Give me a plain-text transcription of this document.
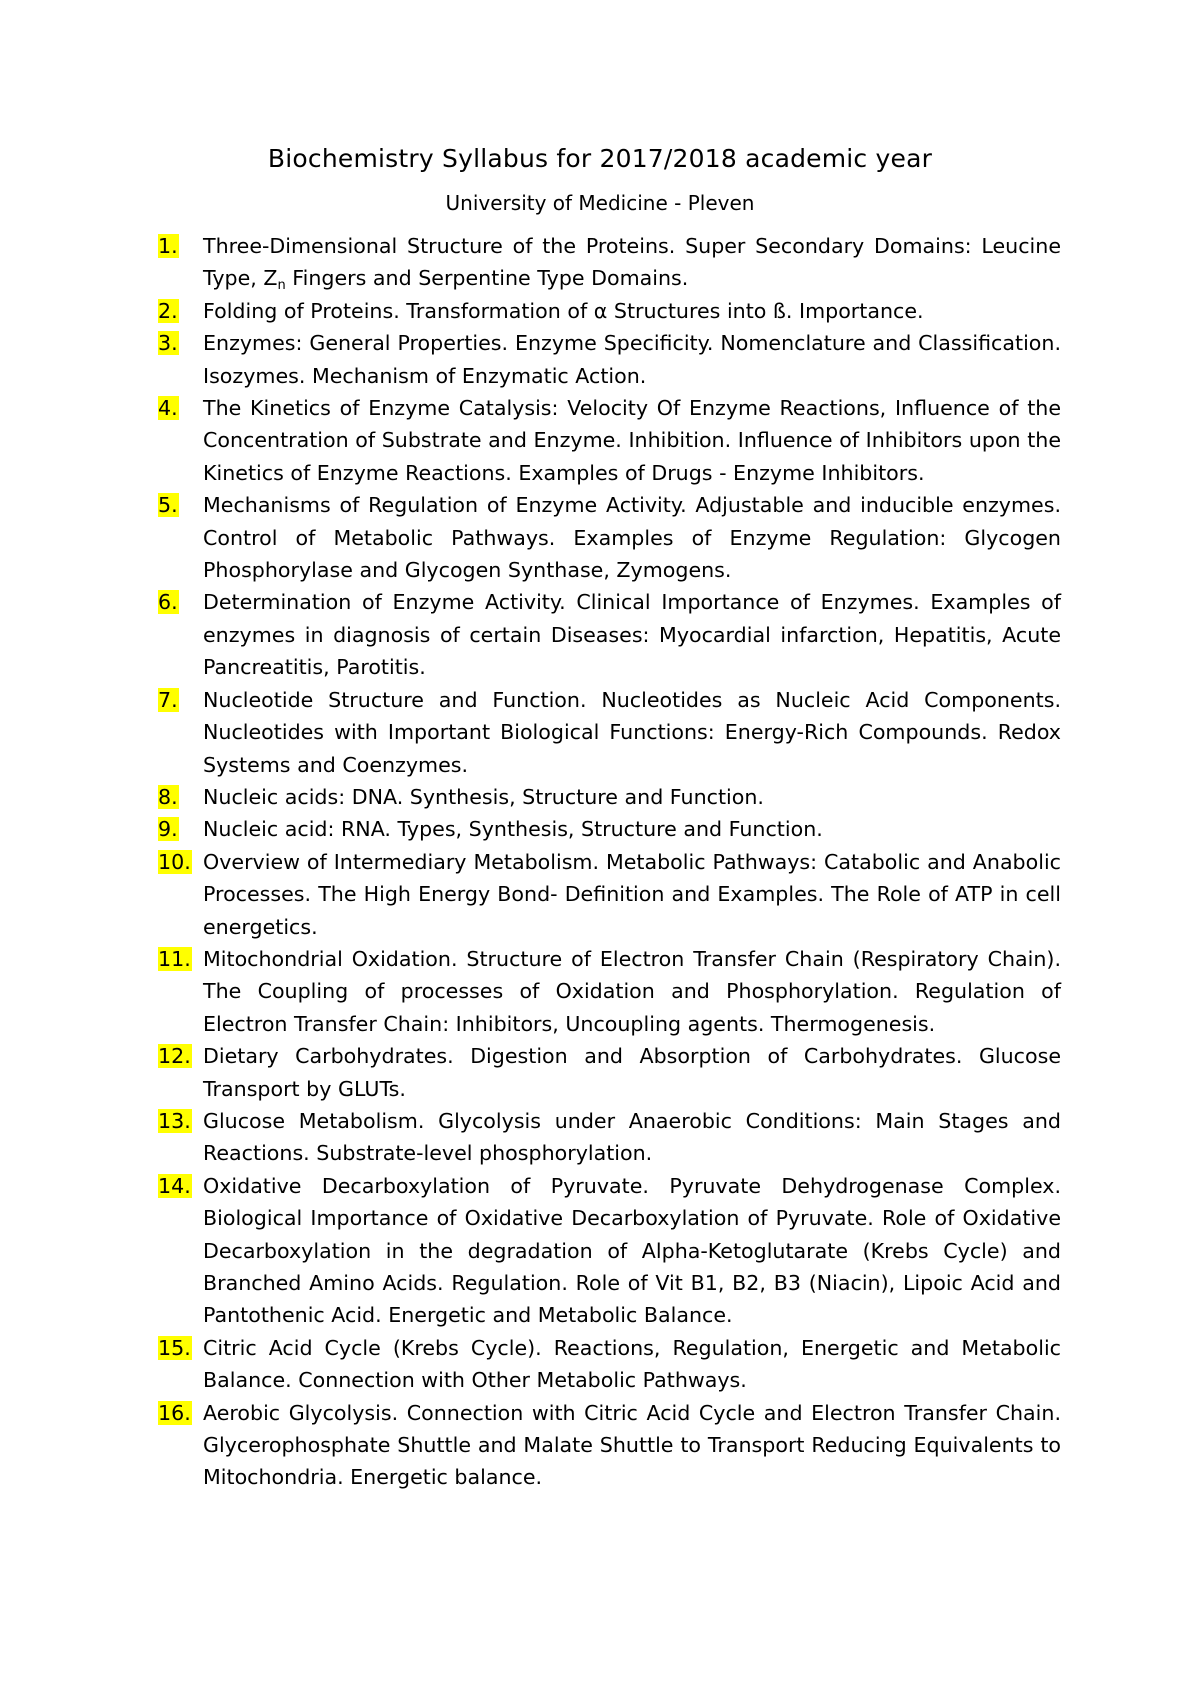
Biochemistry Syllabus for 2017/2018 academic year
University of Medicine - Pleven
1. Three-Dimensional Structure of the Proteins. Super Secondary Domains: Leucine Type, $Z_n$ Fingers and Serpentine Type Domains.
2. Folding of Proteins. Transformation of α Structures into ß. Importance.
3. Enzymes: General Properties. Enzyme Specificity. Nomenclature and Classification. Isozymes. Mechanism of Enzymatic Action.
4. The Kinetics of Enzyme Catalysis: Velocity Of Enzyme Reactions, Influence of the Concentration of Substrate and Enzyme. Inhibition. Influence of Inhibitors upon the Kinetics of Enzyme Reactions. Examples of Drugs - Enzyme Inhibitors.
5. Mechanisms of Regulation of Enzyme Activity. Adjustable and inducible enzymes. Control of Metabolic Pathways. Examples of Enzyme Regulation: Glycogen Phosphorylase and Glycogen Synthase, Zymogens.
6. Determination of Enzyme Activity. Clinical Importance of Enzymes. Examples of enzymes in diagnosis of certain Diseases: Myocardial infarction, Hepatitis, Acute Pancreatitis, Parotitis.
7. Nucleotide Structure and Function. Nucleotides as Nucleic Acid Components. Nucleotides with Important Biological Functions: Energy-Rich Compounds. Redox Systems and Coenzymes.
8. Nucleic acids: DNA. Synthesis, Structure and Function.
9. Nucleic acid: RNA. Types, Synthesis, Structure and Function.
10. Overview of Intermediary Metabolism. Metabolic Pathways: Catabolic and Anabolic Processes. The High Energy Bond- Definition and Examples. The Role of ATP in cell energetics.
11. Mitochondrial Oxidation. Structure of Electron Transfer Chain (Respiratory Chain). The Coupling of processes of Oxidation and Phosphorylation. Regulation of Electron Transfer Chain: Inhibitors, Uncoupling agents. Thermogenesis.
12. Dietary Carbohydrates. Digestion and Absorption of Carbohydrates. Glucose Transport by GLUTs.
13. Glucose Metabolism. Glycolysis under Anaerobic Conditions: Main Stages and Reactions. Substrate-level phosphorylation.
14. Oxidative Decarboxylation of Pyruvate. Pyruvate Dehydrogenase Complex. Biological Importance of Oxidative Decarboxylation of Pyruvate. Role of Oxidative Decarboxylation in the degradation of Alpha-Ketoglutarate (Krebs Cycle) and Branched Amino Acids. Regulation. Role of Vit B1, B2, B3 (Niacin), Lipoic Acid and Pantothenic Acid. Energetic and Metabolic Balance.
15. Citric Acid Cycle (Krebs Cycle). Reactions, Regulation, Energetic and Metabolic Balance. Connection with Other Metabolic Pathways.
16. Aerobic Glycolysis. Connection with Citric Acid Cycle and Electron Transfer Chain. Glycerophosphate Shuttle and Malate Shuttle to Transport Reducing Equivalents to Mitochondria. Energetic balance.
